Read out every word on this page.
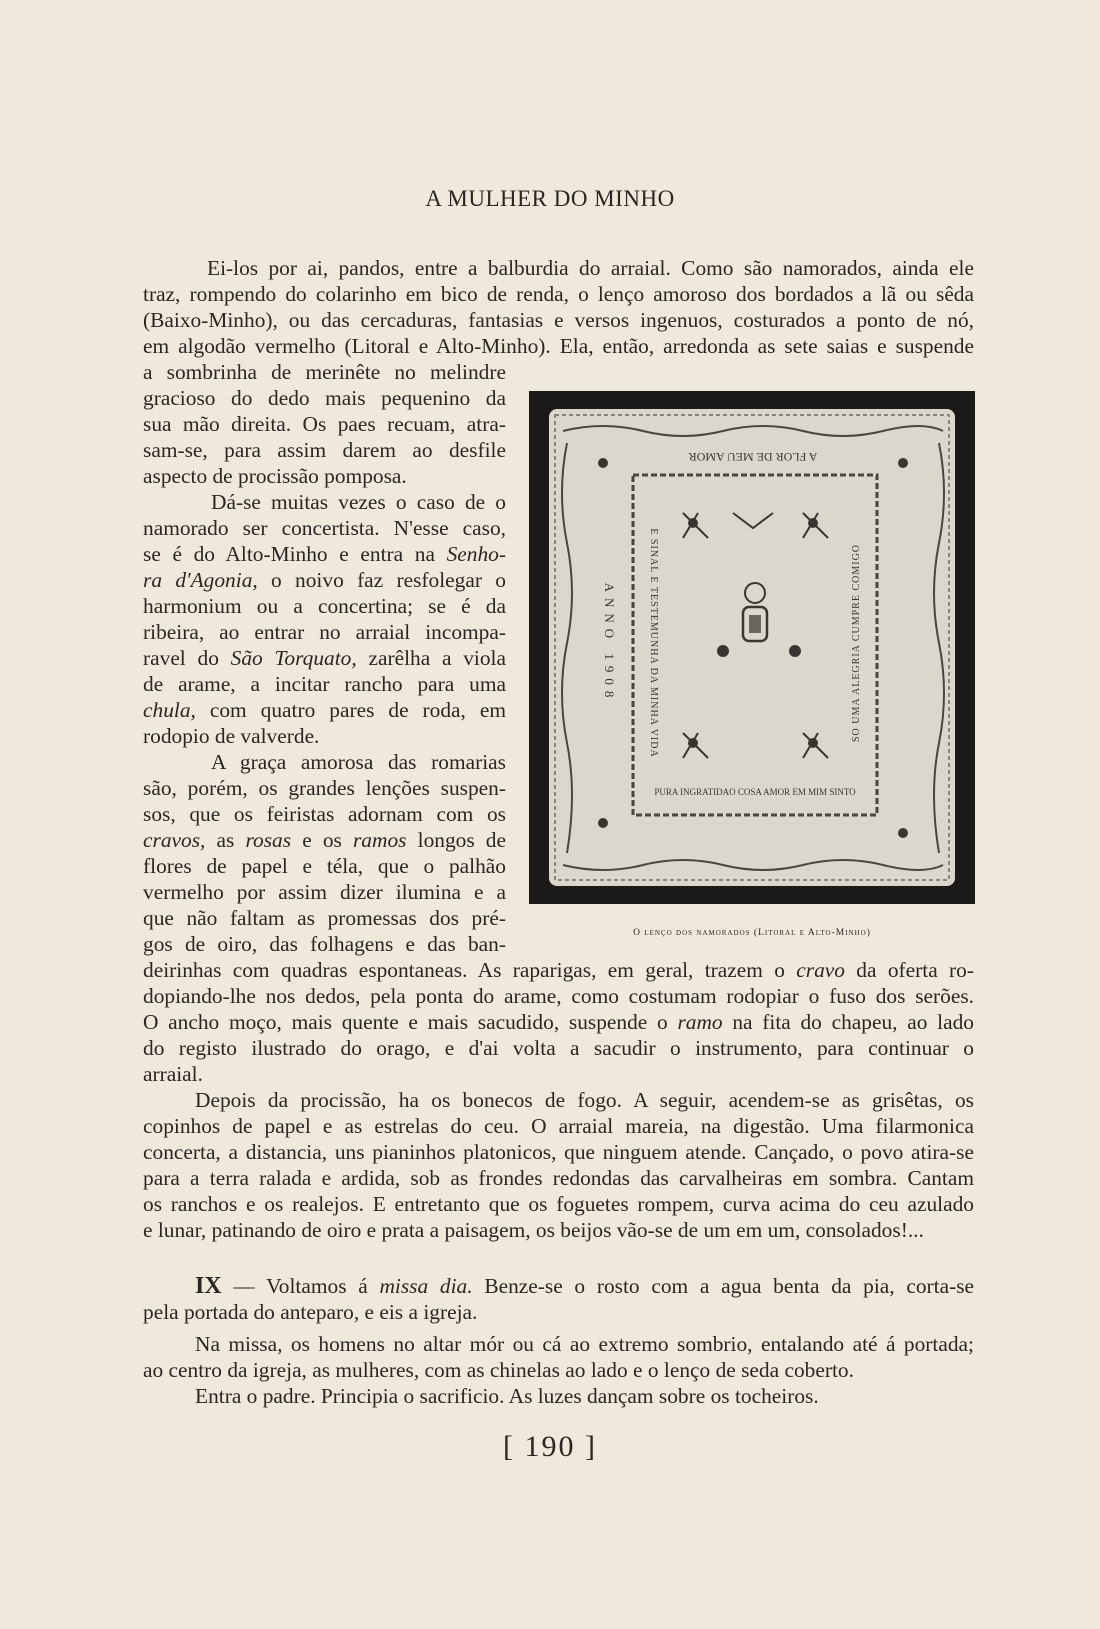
A MULHER DO MINHO
Ei-los por ai, pandos, entre a balburdia do arraial. Como são namorados, ainda ele
traz, rompendo do colarinho em bico de renda, o lenço amoroso dos bordados a lã ou sêda
(Baixo-Minho), ou das cercaduras, fantasias e versos ingenuos, costurados a ponto de nó,
em algodão vermelho (Litoral e Alto-Minho). Ela, então, arredonda as sete saias e suspende
a sombrinha de merinête no melindre
gracioso do dedo mais pequenino da
sua mão direita. Os paes recuam, atra-
sam-se, para assim darem ao desfile
aspecto de procissão pomposa.
Dá-se muitas vezes o caso de o
namorado ser concertista. N'esse caso,
se é do Alto-Minho e entra na Senho-
ra d'Agonia, o noivo faz resfolegar o
harmonium ou a concertina; se é da
ribeira, ao entrar no arraial incompa-
ravel do São Torquato, zarêlha a viola
de arame, a incitar rancho para uma
chula, com quatro pares de roda, em
rodopio de valverde.
A graça amorosa das romarias
são, porém, os grandes lenções suspen-
sos, que os feiristas adornam com os
cravos, as rosas e os ramos longos de
flores de papel e téla, que o palhão
vermelho por assim dizer ilumina e a
que não faltam as promessas dos pré-
gos de oiro, das folhagens e das ban-
A FLOR DE MEU AMOR
ANNO 1908	E SINAL E TESTEMUNHA DA MINHA VIDA	SO UMA ALEGRIA CUMPRE COMIGO
PURA INGRATIDAO COSA AMOR EM MIM SINTO
O lenço dos namorados (Litoral e Alto-Minho)
deirinhas com quadras espontaneas. As raparigas, em geral, trazem o cravo da oferta ro-
dopiando-lhe nos dedos, pela ponta do arame, como costumam rodopiar o fuso dos serões.
O ancho moço, mais quente e mais sacudido, suspende o ramo na fita do chapeu, ao lado
do registo ilustrado do orago, e d'ai volta a sacudir o instrumento, para continuar o
arraial.
Depois da procissão, ha os bonecos de fogo. A seguir, acendem-se as grisêtas, os
copinhos de papel e as estrelas do ceu. O arraial mareia, na digestão. Uma filarmonica
concerta, a distancia, uns pianinhos platonicos, que ninguem atende. Cançado, o povo atira-se
para a terra ralada e ardida, sob as frondes redondas das carvalheiras em sombra. Cantam
os ranchos e os realejos. E entretanto que os foguetes rompem, curva acima do ceu azulado
e lunar, patinando de oiro e prata a paisagem, os beijos vão-se de um em um, consolados!...
IX — Voltamos á missa dia. Benze-se o rosto com a agua benta da pia, corta-se
pela portada do anteparo, e eis a igreja.
Na missa, os homens no altar mór ou cá ao extremo sombrio, entalando até á portada;
ao centro da igreja, as mulheres, com as chinelas ao lado e o lenço de seda coberto.
Entra o padre. Principia o sacrificio. As luzes dançam sobre os tocheiros.
[ 190 ]
